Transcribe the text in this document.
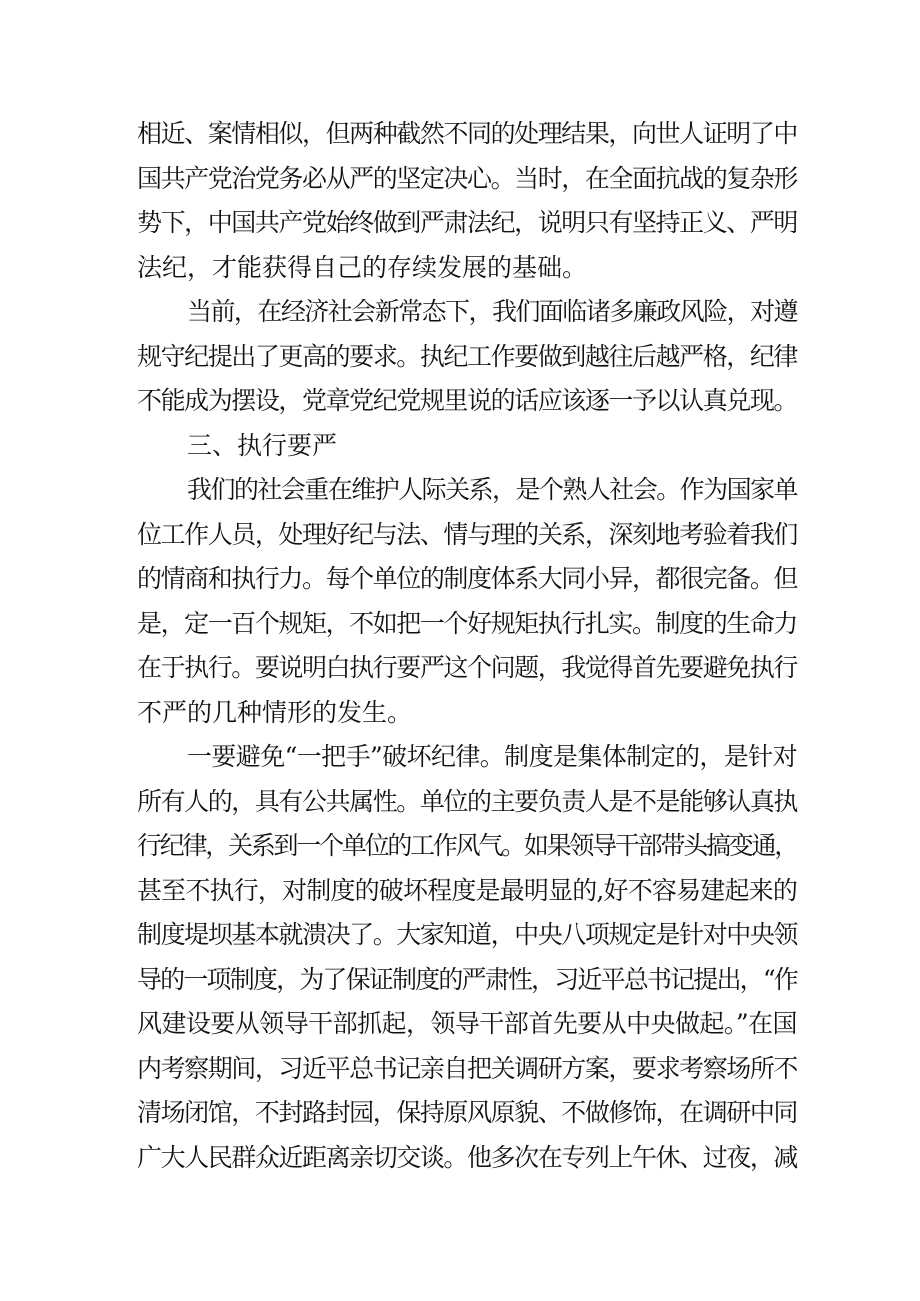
相近、案情相似，但两种截然不同的处理结果，向世人证明了中
国共产党治党务必从严的坚定决心。当时，在全面抗战的复杂形
势下，中国共产党始终做到严肃法纪，说明只有坚持正义、严明
法纪，才能获得自己的存续发展的基础。
当前，在经济社会新常态下，我们面临诸多廉政风险，对遵
规守纪提出了更高的要求。执纪工作要做到越往后越严格，纪律
不能成为摆设，党章党纪党规里说的话应该逐一予以认真兑现。
三、执行要严
我们的社会重在维护人际关系，是个熟人社会。作为国家单
位工作人员，处理好纪与法、情与理的关系，深刻地考验着我们
的情商和执行力。每个单位的制度体系大同小异，都很完备。但
是，定一百个规矩，不如把一个好规矩执行扎实。制度的生命力
在于执行。要说明白执行要严这个问题，我觉得首先要避免执行
不严的几种情形的发生。
一要避免“一把手”破坏纪律。制度是集体制定的，是针对
所有人的，具有公共属性。单位的主要负责人是不是能够认真执
行纪律，关系到一个单位的工作风气。如果领导干部带头搞变通，
甚至不执行，对制度的破坏程度是最明显的,好不容易建起来的
制度堤坝基本就溃决了。大家知道，中央八项规定是针对中央领
导的一项制度，为了保证制度的严肃性，习近平总书记提出，“作
风建设要从领导干部抓起，领导干部首先要从中央做起。”在国
内考察期间，习近平总书记亲自把关调研方案，要求考察场所不
清场闭馆，不封路封园，保持原风原貌、不做修饰，在调研中同
广大人民群众近距离亲切交谈。他多次在专列上午休、过夜，减
